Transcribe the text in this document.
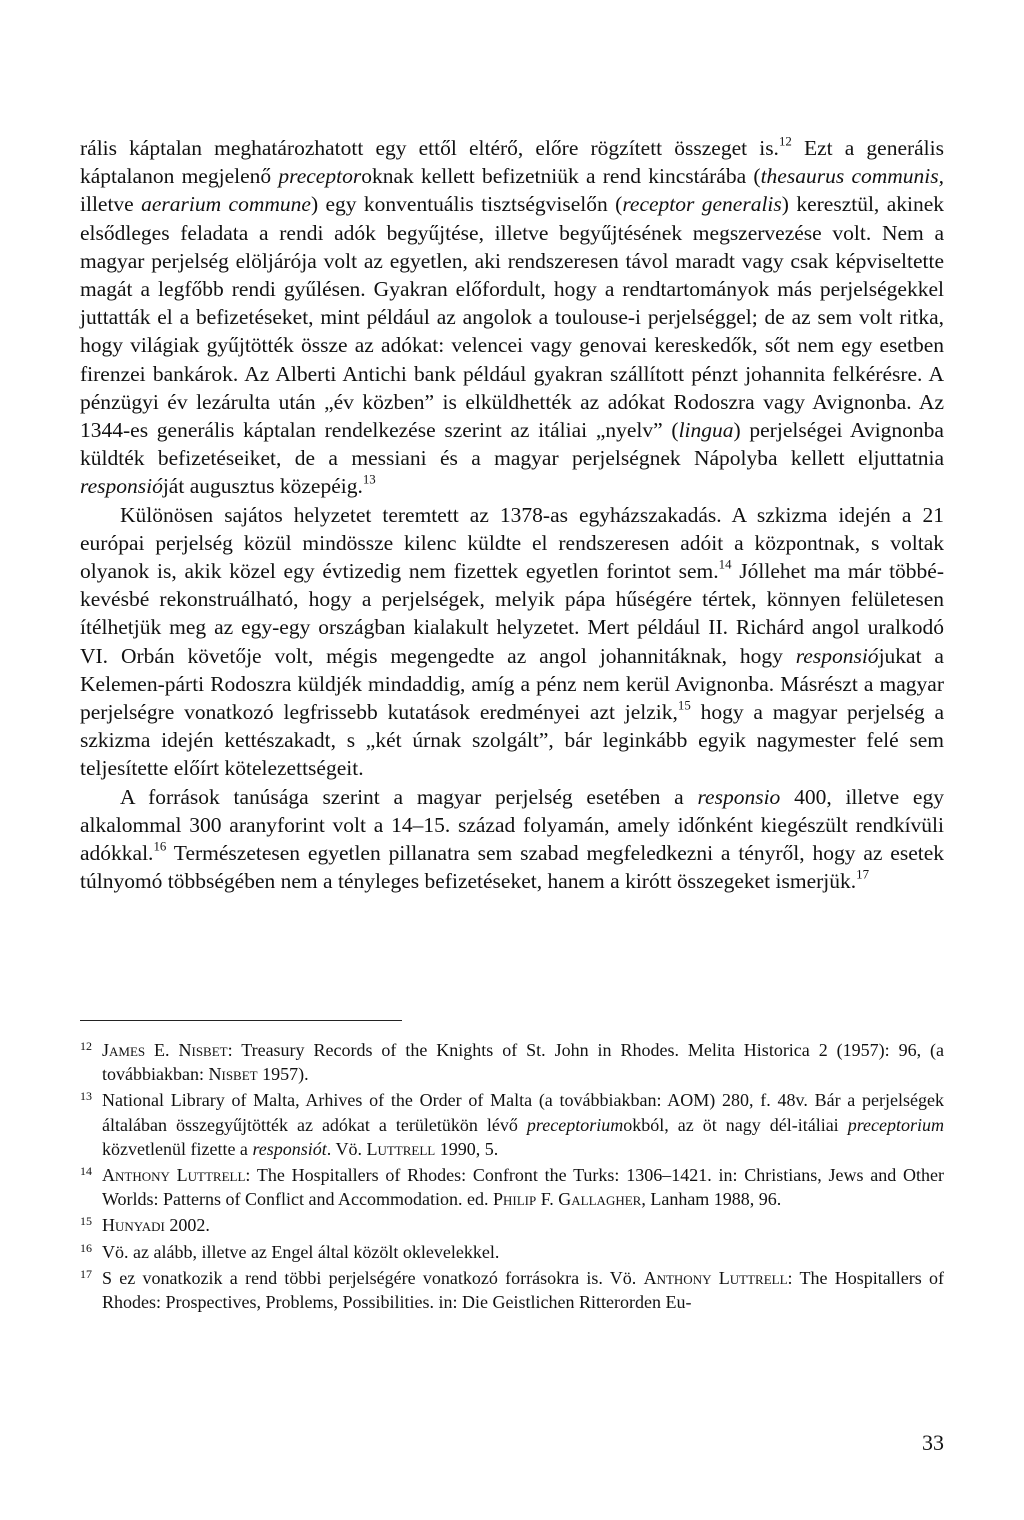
rális káptalan meghatározhatott egy ettől eltérő, előre rögzített összeget is.$^{12}$ Ezt a generális káptalanon megjelenő preceptoroknak kellett befizetniük a rend kincstárába (thesaurus communis, illetve aerarium commune) egy konventuális tisztségviselőn (receptor generalis) keresztül, akinek elsődleges feladata a rendi adók begyűjtése, illetve begyűjtésének megszervezése volt. Nem a magyar perjelség elöljárója volt az egyetlen, aki rendszeresen távol maradt vagy csak képviseltette magát a legfőbb rendi gyűlésen. Gyakran előfordult, hogy a rendtartományok más perjelségekkel juttatták el a befizetéseket, mint például az angolok a toulouse-i perjelséggel; de az sem volt ritka, hogy világiak gyűjtötték össze az adókat: velencei vagy genovai kereskedők, sőt nem egy esetben firenzei bankárok. Az Alberti Antichi bank például gyakran szállított pénzt johannita felkérésre. A pénzügyi év lezárulta után „év közben” is elküldhették az adókat Rodoszra vagy Avignonba. Az 1344-es generális káptalan rendelkezése szerint az itáliai „nyelv” (lingua) perjelségei Avignonba küldték befizetéseiket, de a messiani és a magyar perjelségnek Nápolyba kellett eljuttatnia responsióját augusztus közepéig.$^{13}$

Különösen sajátos helyzetet teremtett az 1378-as egyházszakadás. A szkizma idején a 21 európai perjelség közül mindössze kilenc küldte el rendszeresen adóit a központnak, s voltak olyanok is, akik közel egy évtizedig nem fizettek egyetlen forintot sem.$^{14}$ Jóllehet ma már többé-kevésbé rekonstruálható, hogy a perjelségek, melyik pápa hűségére tértek, könnyen felületesen ítélhetjük meg az egy-egy országban kialakult helyzetet. Mert például II. Richárd angol uralkodó VI. Orbán követője volt, mégis megengedte az angol johannitáknak, hogy responsiójukat a Kelemen-párti Rodoszra küldjék mindaddig, amíg a pénz nem kerül Avignonba. Másrészt a magyar perjelségre vonatkozó legfrissebb kutatások eredményei azt jelzik,$^{15}$ hogy a magyar perjelség a szkizma idején kettészakadt, s „két úrnak szolgált”, bár leginkább egyik nagymester felé sem teljesítette előírt kötelezettségeit.

A források tanúsága szerint a magyar perjelség esetében a responsio 400, illetve egy alkalommal 300 aranyforint volt a 14–15. század folyamán, amely időnként kiegészült rendkívüli adókkal.$^{16}$ Természetesen egyetlen pillanatra sem szabad megfeledkezni a tényről, hogy az esetek túlnyomó többségében nem a tényleges befizetéseket, hanem a kirótt összegeket ismerjük.$^{17}$

12 James E. Nisbet: Treasury Records of the Knights of St. John in Rhodes. Melita Historica 2 (1957): 96, (a továbbiakban: Nisbet 1957).
13 National Library of Malta, Arhives of the Order of Malta (a továbbiakban: AOM) 280, f. 48v. Bár a perjelségek általában összegyűjtötték az adókat a területükön lévő preceptoriumokból, az öt nagy dél-itáliai preceptorium közvetlenül fizette a responsiót. Vö. Luttrell 1990, 5.
14 Anthony Luttrell: The Hospitallers of Rhodes: Confront the Turks: 1306–1421. in: Christians, Jews and Other Worlds: Patterns of Conflict and Accommodation. ed. Philip F. Gallagher, Lanham 1988, 96.
15 Hunyadi 2002.
16 Vö. az alább, illetve az Engel által közölt oklevelekkel.
17 S ez vonatkozik a rend többi perjelségére vonatkozó forrásokra is. Vö. Anthony Luttrell: The Hospitallers of Rhodes: Prospectives, Problems, Possibilities. in: Die Geistlichen Ritterorden Eu-
33
